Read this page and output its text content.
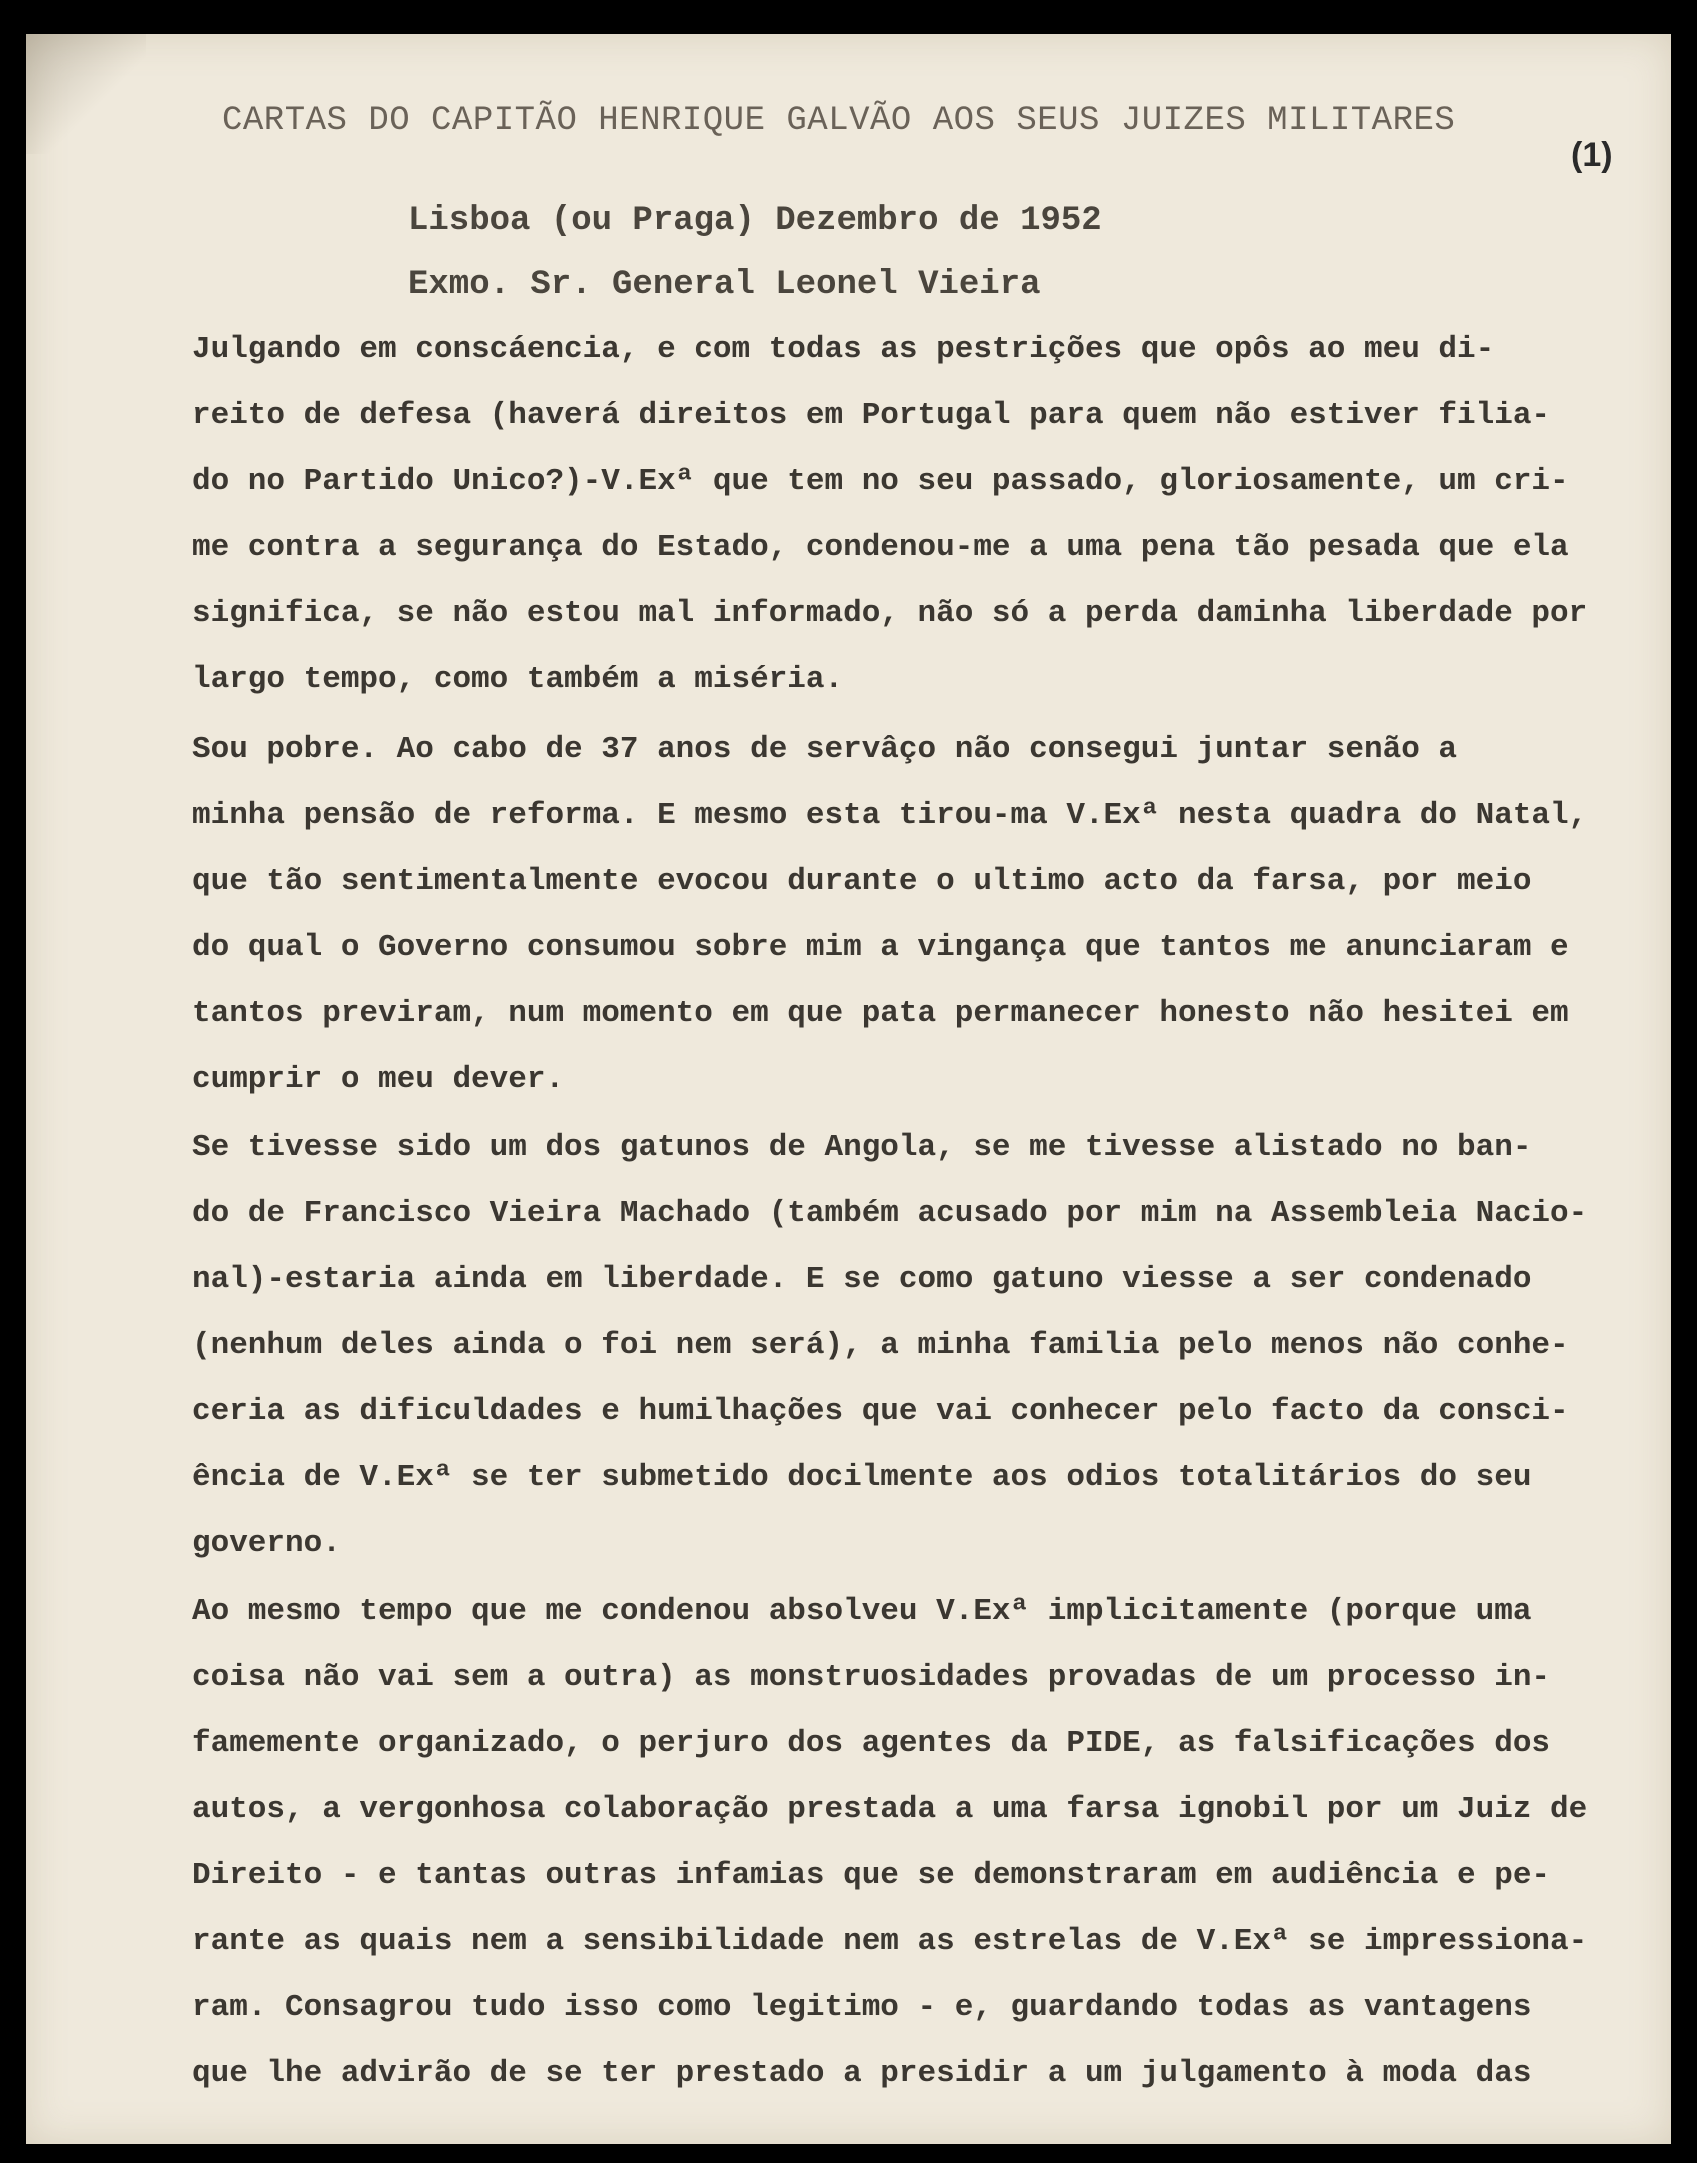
CARTAS DO CAPITÃO HENRIQUE GALVÃO AOS SEUS JUIZES MILITARES
(1)
Lisboa (ou Praga) Dezembro de 1952
Exmo. Sr. General Leonel Vieira
Julgando em conscáencia, e com todas as pestrições que opôs ao meu di-
reito de defesa (haverá direitos em Portugal para quem não estiver filia-
do no Partido Unico?)-V.Exª que tem no seu passado, gloriosamente, um cri-
me contra a segurança do Estado, condenou-me a uma pena tão pesada que ela
significa, se não estou mal informado, não só a perda daminha liberdade por
largo tempo, como também a miséria.
Sou pobre. Ao cabo de 37 anos de servâço não consegui juntar senão a
minha pensão de reforma. E mesmo esta tirou-ma V.Exª nesta quadra do Natal,
que tão sentimentalmente evocou durante o ultimo acto da farsa, por meio
do qual o Governo consumou sobre mim a vingança que tantos me anunciaram e
tantos previram, num momento em que pata permanecer honesto não hesitei em
cumprir o meu dever.
Se tivesse sido um dos gatunos de Angola, se me tivesse alistado no ban-
do de Francisco Vieira Machado (também acusado por mim na Assembleia Nacio-
nal)-estaria ainda em liberdade. E se como gatuno viesse a ser condenado
(nenhum deles ainda o foi nem será), a minha familia pelo menos não conhe-
ceria as dificuldades e humilhações que vai conhecer pelo facto da consci-
ência de V.Exª se ter submetido docilmente aos odios totalitários do seu
governo.
Ao mesmo tempo que me condenou absolveu V.Exª implicitamente (porque uma
coisa não vai sem a outra) as monstruosidades provadas de um processo in-
famemente organizado, o perjuro dos agentes da PIDE, as falsificações dos
autos, a vergonhosa colaboração prestada a uma farsa ignobil por um Juiz de
Direito - e tantas outras infamias que se demonstraram em audiência e pe-
rante as quais nem a sensibilidade nem as estrelas de V.Exª se impressiona-
ram. Consagrou tudo isso como legitimo - e, guardando todas as vantagens
que lhe advirão de se ter prestado a presidir a um julgamento à moda das
